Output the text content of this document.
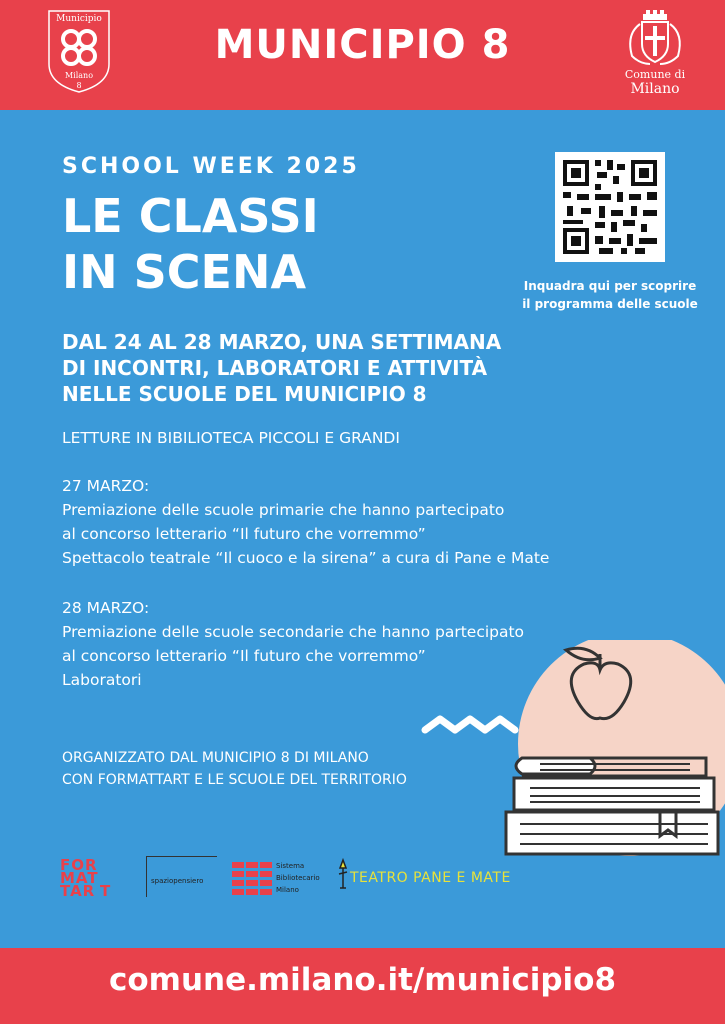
Municipio
Milano
8
MUNICIPIO 8
Comune di
Milano
SCHOOL WEEK 2025
LE CLASSI
IN SCENA	Inquadra qui per scoprire
il programma delle scuole
DAL 24 AL 28 MARZO, UNA SETTIMANA
DI INCONTRI, LABORATORI E ATTIVITÀ
NELLE SCUOLE DEL MUNICIPIO 8
LETTURE IN BIBILIOTECA PICCOLI E GRANDI
27 MARZO:
Premiazione delle scuole primarie che hanno partecipato
al concorso letterario “Il futuro che vorremmo”
Spettacolo teatrale “Il cuoco e la sirena” a cura di Pane e Mate
28 MARZO:
Premiazione delle scuole secondarie che hanno partecipato
al concorso letterario “Il futuro che vorremmo”
Laboratori
ORGANIZZATO DAL MUNICIPIO 8 DI MILANO
CON FORMATTART E LE SCUOLE DEL TERRITORIO
FOR
MAT
TAR T
spaziopensiero
Sistema
Bibliotecario
Milano
TEATRO PANE E MATE
comune.milano.it/municipio8
